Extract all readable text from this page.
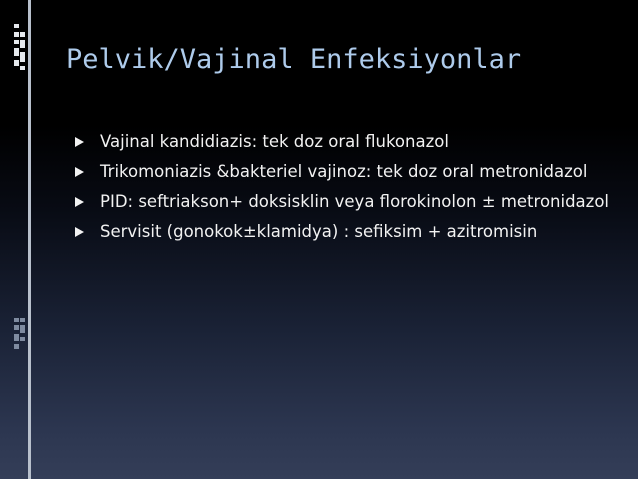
Pelvik/Vajinal Enfeksiyonlar
Vajinal kandidiazis: tek doz oral flukonazol
Trikomoniazis &bakteriel vajinoz: tek doz oral metronidazol
PID: seftriakson+ doksisklin veya florokinolon ± metronidazol
Servisit (gonokok±klamidya) : sefiksim + azitromisin
